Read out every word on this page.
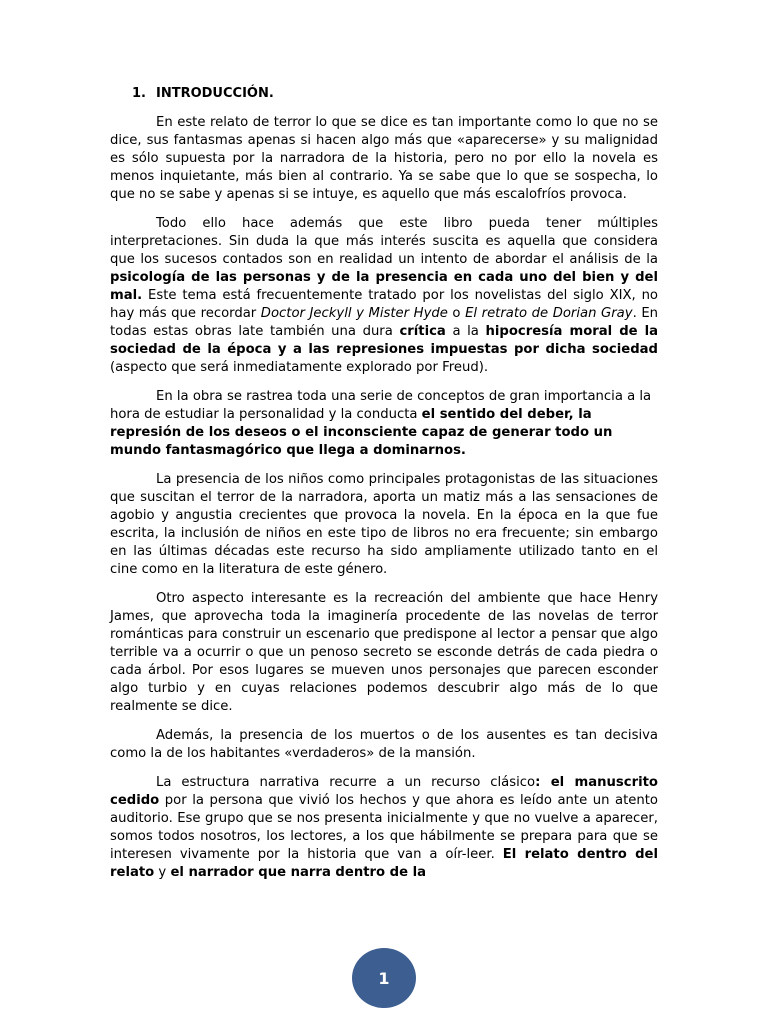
1. INTRODUCCIÓN.

En este relato de terror lo que se dice es tan importante como lo que no se dice, sus fantasmas apenas si hacen algo más que «aparecerse» y su malignidad es sólo supuesta por la narradora de la historia, pero no por ello la novela es menos inquietante, más bien al contrario. Ya se sabe que lo que se sospecha, lo que no se sabe y apenas si se intuye, es aquello que más escalofríos provoca.

Todo ello hace además que este libro pueda tener múltiples interpretaciones. Sin duda la que más interés suscita es aquella que considera que los sucesos contados son en realidad un intento de abordar el análisis de la psicología de las personas y de la presencia en cada uno del bien y del mal. Este tema está frecuentemente tratado por los novelistas del siglo XIX, no hay más que recordar Doctor Jeckyll y Mister Hyde o El retrato de Dorian Gray. En todas estas obras late también una dura crítica a la hipocresía moral de la sociedad de la época y a las represiones impuestas por dicha sociedad (aspecto que será inmediatamente explorado por Freud).

En la obra se rastrea toda una serie de conceptos de gran importancia a la hora de estudiar la personalidad y la conducta el sentido del deber, la represión de los deseos o el inconsciente capaz de generar todo un mundo fantasmagórico que llega a dominarnos.

La presencia de los niños como principales protagonistas de las situaciones que suscitan el terror de la narradora, aporta un matiz más a las sensaciones de agobio y angustia crecientes que provoca la novela. En la época en la que fue escrita, la inclusión de niños en este tipo de libros no era frecuente; sin embargo en las últimas décadas este recurso ha sido ampliamente utilizado tanto en el cine como en la literatura de este género.

Otro aspecto interesante es la recreación del ambiente que hace Henry James, que aprovecha toda la imaginería procedente de las novelas de terror románticas para construir un escenario que predispone al lector a pensar que algo terrible va a ocurrir o que un penoso secreto se esconde detrás de cada piedra o cada árbol. Por esos lugares se mueven unos personajes que parecen esconder algo turbio y en cuyas relaciones podemos descubrir algo más de lo que realmente se dice.

Además, la presencia de los muertos o de los ausentes es tan decisiva como la de los habitantes «verdaderos» de la mansión.

La estructura narrativa recurre a un recurso clásico: el manuscrito cedido por la persona que vivió los hechos y que ahora es leído ante un atento auditorio. Ese grupo que se nos presenta inicialmente y que no vuelve a aparecer, somos todos nosotros, los lectores, a los que hábilmente se prepara para que se interesen vivamente por la historia que van a oír-leer. El relato dentro del relato y el narrador que narra dentro de la

1
